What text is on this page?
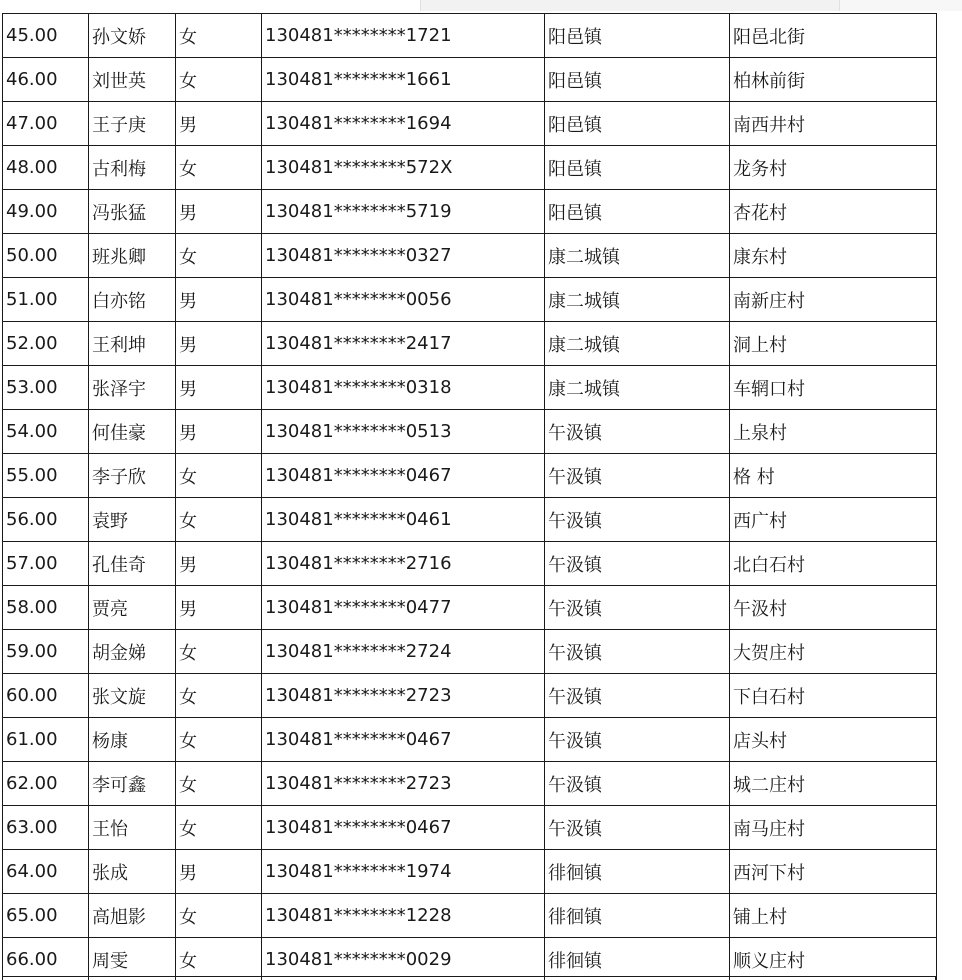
45.00	孙文娇	女	130481********1721	阳邑镇	阳邑北街
46.00	刘世英	女	130481********1661	阳邑镇	柏林前街
47.00	王子庚	男	130481********1694	阳邑镇	南西井村
48.00	古利梅	女	130481********572X	阳邑镇	龙务村
49.00	冯张猛	男	130481********5719	阳邑镇	杏花村
50.00	班兆卿	女	130481********0327	康二城镇	康东村
51.00	白亦铭	男	130481********0056	康二城镇	南新庄村
52.00	王利坤	男	130481********2417	康二城镇	洞上村
53.00	张泽宇	男	130481********0318	康二城镇	车辋口村
54.00	何佳豪	男	130481********0513	午汲镇	上泉村
55.00	李子欣	女	130481********0467	午汲镇	格 村
56.00	袁野	女	130481********0461	午汲镇	西广村
57.00	孔佳奇	男	130481********2716	午汲镇	北白石村
58.00	贾亮	男	130481********0477	午汲镇	午汲村
59.00	胡金娣	女	130481********2724	午汲镇	大贺庄村
60.00	张文旋	女	130481********2723	午汲镇	下白石村
61.00	杨康	女	130481********0467	午汲镇	店头村
62.00	李可鑫	女	130481********2723	午汲镇	城二庄村
63.00	王怡	女	130481********0467	午汲镇	南马庄村
64.00	张成	男	130481********1974	徘徊镇	西河下村
65.00	高旭影	女	130481********1228	徘徊镇	铺上村
66.00	周雯	女	130481********0029	徘徊镇	顺义庄村
